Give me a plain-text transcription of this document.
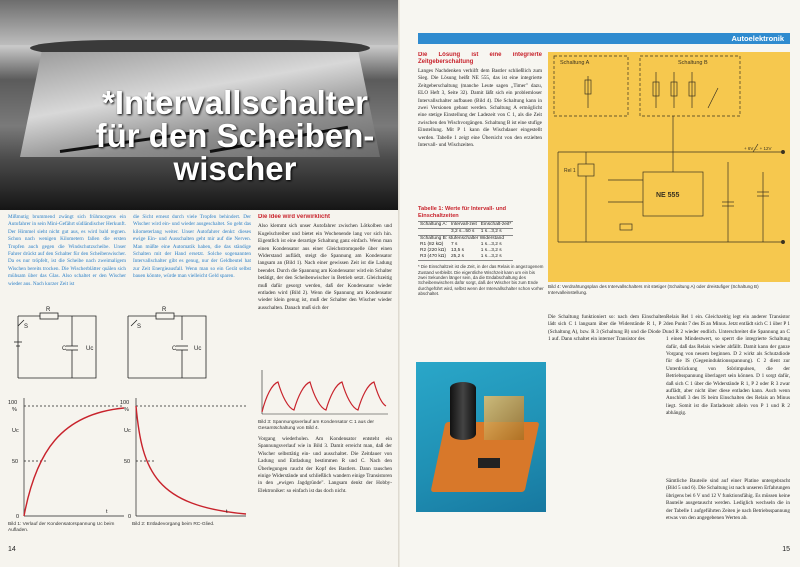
*Intervallschalter
für den Scheiben-
wischer
Mißmutig brummend zwängt sich frühmorgens ein Autofahrer in sein Mini-Gefährt südländischer Herkunft. Der Himmel sieht nicht gut aus, es wird bald regnen. Schon nach wenigen Kilometern fallen die ersten Tropfen auch gegen die Windschutzscheibe. Unser Fahrer drückt auf den Schalter für den Scheibenwischer. Da es nur tröpfelt, ist die Scheibe nach zweimaligem Wischen bereits trocken. Die Wischerblätter quälen sich mühsam über das Glas. Also schaltet er den Wischer wieder aus. Nach kurzer Zeit ist
die Sicht erneut durch viele Tropfen behindert. Der Wischer wird ein- und wieder ausgeschaltet. So geht das kilometerlang weiter. Unser Autofahrer denkt: dieses ewige Ein- und Ausschalten geht mir auf die Nerven. Man müßte eine Automatik haben, die das ständige Schalten mit der Hand ersetzt. Solche sogenannten Intervallschalter gibt es genug, nur der Geldbeutel hat zur Zeit Energieausfall. Wenn man so ein Gerät selbst bauen könnte, würde man vielleicht Geld sparen.
Die Idee wird verwirklicht
Also klemmt sich unser Autofahrer zwischen Lötkolben und Kugelschreiber und bietet ein Wochenende lang vor sich hin. Eigentlich ist eine derartige Schaltung ganz einfach. Wenn man einen Kondensator aus einer Gleichstromquelle über einen Widerstand auflädt, steigt die Spannung am Kondensator langsam an (Bild 1). Nach einer gewissen Zeit ist die Ladung beendet. Durch die Spannung am Kondensator wird ein Schalter betätigt, der den Scheibenwischer in Betrieb setzt. Gleichzeitig muß dafür gesorgt werden, daß der Kondensator wieder entladen wird (Bild 2). Wenn die Spannung am Kondensator wieder klein genug ist, muß der Schalter den Wischer wieder ausschalten. Danach muß sich der
S
R
C	Uc
S
R
C	Uc
100
%
50
0
Uc
t
100
%
50
0
Uc
t
Bild 1: Verlauf der Kondensatorspannung Uc beim Aufladen.
Bild 2: Entladevorgang beim RC-Glied.
Bild 3: Spannungsverlauf am Kondensator C 1 aus der Gesamtschaltung von Bild 4.
Vorgang wiederholen. Am Kondensator entsteht ein Spannungsverlauf wie in Bild 3. Damit erreicht man, daß der Wischer selbsttätig ein- und ausschaltet. Die Zeitdauer von Ladung und Entladung bestimmen R und C. Nach den Überlegungen raucht der Kopf des Bastlers. Dann rauschen einige Widerstände und schließlich wandern einige Transistoren in den „ewigen Jagdgründe". Langsam denkt der Hobby-Elektroniker: so einfach ist das doch nicht.
14
Autoelektronik
Die Lösung ist eine integrierte Zeitgeberschaltung
Langes Nachdenken verhilft dem Bastler schließlich zum Sieg. Die Lösung heißt NE 555, das ist eine integrierte Zeitgeberschaltung (manche Leute sagen „Timer" dazu, ELO Heft 3, Seite 32). Damit läßt sich ein problemloser Intervallschalter aufbauen (Bild 4). Die Schaltung kann in zwei Versionen gebaut werden. Schaltung A ermöglicht eine stetige Einstellung der Ladezeit von C 1, als die Zeit zwischen den Wischvorgängen. Schaltung B ist eine stufige Einstellung. Mit P 1 kann die Wischdauer eingestellt werden. Tabelle 1 zeigt eine Übersicht von den erzielten Intervall- und Wischzeiten.
Tabelle 1: Werte für Intervall- und Einschaltzeiten
Schaltung A:	Intervall-zeit	Einschalt-zeit*
	3,2 s...50 s	1 s...3,2 s
Schaltung B: stufenschalter Widerstand		
R1 (82 kΩ)	7 s	1 s...3,2 s
R2 (220 kΩ)	13,5 s	1 s...3,2 s
R3 (470 kΩ)	25,2 s	1 s...3,2 s
* Die Einschaltzeit ist die Zeit, in der das Relais in angezogenem Zustand verbleibt. Die eigentliche Wischzeit kann um ein bis zwei Sekunden länger sein, da die Endabschaltung des Scheibenwischers dafür sorgt, daß der Wischer bis zum Ende durchgeführt wird, selbst wenn der Intervallschalter schon vorher abschaltet.
Schaltung A	Schaltung B
NE 555
Rel 1
+ 6V ... + 12V
Bild 4: Verdrahtungsplan des Intervallschalters mit stetiger (Schaltung A) oder dreistufiger (Schaltung B) Intervalleinstellung.
Die Schaltung funktioniert so: nach dem Einschalten lädt sich C 1 langsam über die Widerstände R 1, P 2 (Schaltung A), bzw. R 3 (Schaltung B) und die Diode D 1 auf. Dann schaltet ein interner Transistor des
Relais Rel 1 ein. Gleichzeitig legt ein anderer Transistor den Punkt 7 des IS an Minus. Jetzt entlädt sich C 1 über P 1 und R 2 wieder endlich. Unterschreitet die Spannung an C 1 einen Mindestwert, so sperrt die integrierte Schaltung dafür, daß das Relais wieder abfällt. Damit kann der ganze Vorgang von neuem beginnen. D 2 wirkt als Schutzdiode für die IS (Gegeninduktionsspannung). C 2 dient zur Unterdrückung von Störimpulsen, die der Betriebsspannung überlagert sein können. D 1 sorgt dafür, daß sich C 1 über die Widerstände R 1, P 2 oder R 3 zwar auflädt, aber nicht über diese entladen kann. Auch wenn Anschluß 3 des IS beim Einschalten des Relais an Minus liegt. Somit ist die Entladezeit allein von P 1 und R 2 abhängig.
Sämtliche Bauteile sind auf einer Platine untergebracht (Bild 5 und 6). Die Schaltung ist nach unseren Erfahrungen übrigens bei 6 V und 12 V funktionsfähig. Es müssen keine Bauteile ausgetauscht werden. Lediglich wechseln die in der Tabelle 1 aufgeführten Zeiten je nach Betriebsspannung etwas von den angegebenen Werten ab.
15
